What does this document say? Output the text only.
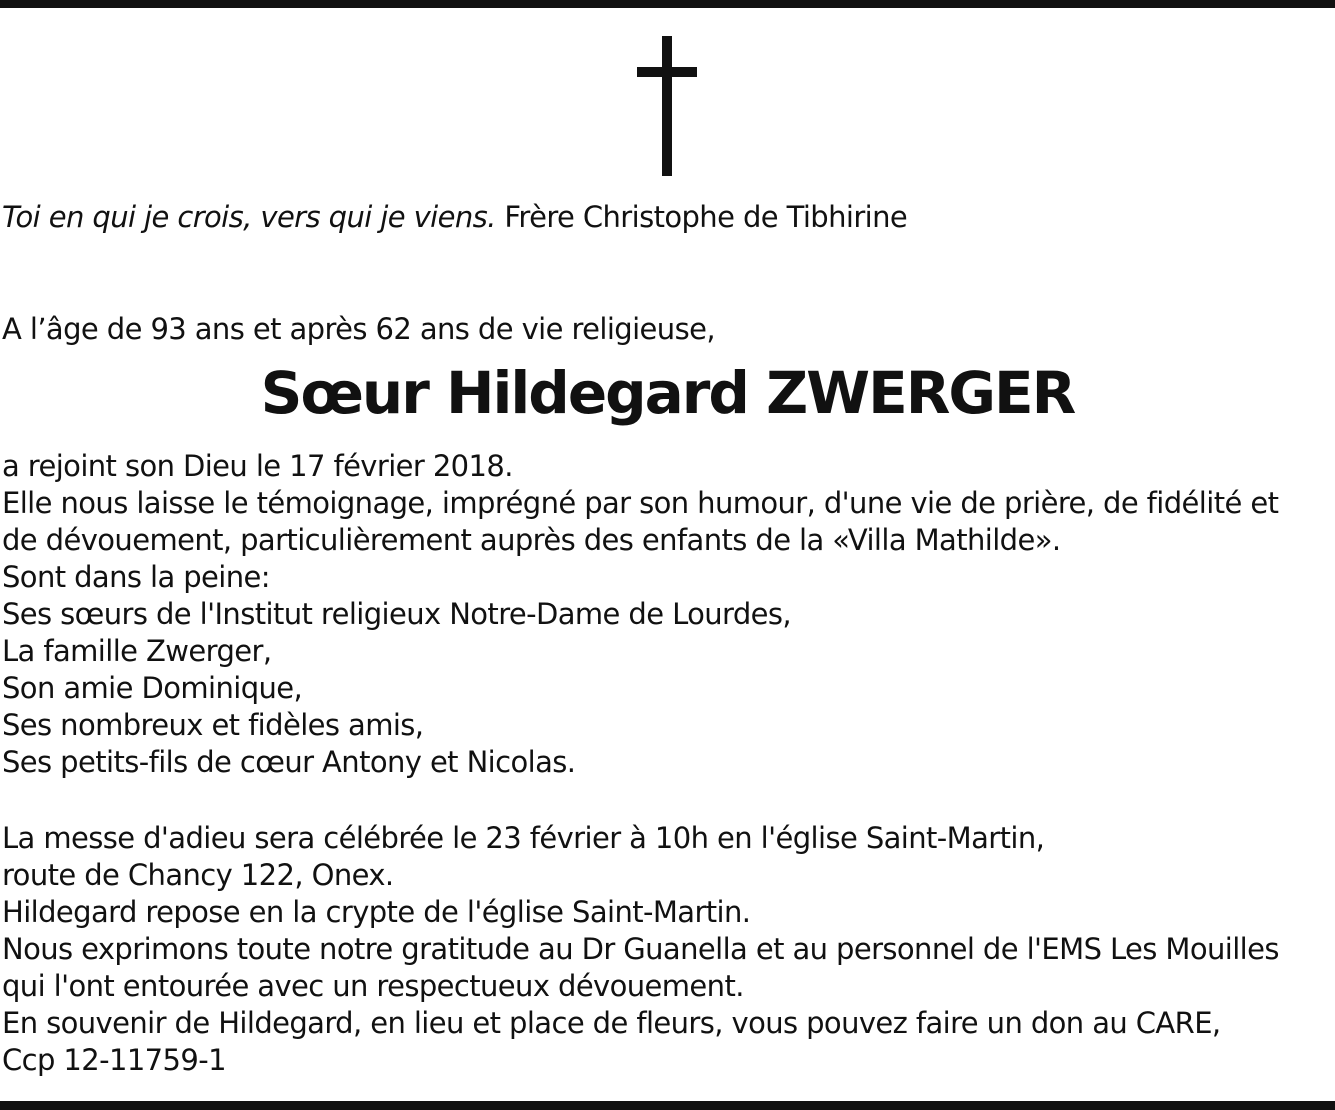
Toi en qui je crois, vers qui je viens. Frère Christophe de Tibhirine
A l’âge de 93 ans et après 62 ans de vie religieuse,
Sœur Hildegard ZWERGER
a rejoint son Dieu le 17 février 2018.
Elle nous laisse le témoignage, imprégné par son humour, d'une vie de prière, de fidélité et
de dévouement, particulièrement auprès des enfants de la «Villa Mathilde».
Sont dans la peine:
Ses sœurs de l'Institut religieux Notre-Dame de Lourdes,
La famille Zwerger,
Son amie Dominique,
Ses nombreux et fidèles amis,
Ses petits-fils de cœur Antony et Nicolas.
La messe d'adieu sera célébrée le 23 février à 10h en l'église Saint-Martin,
route de Chancy 122, Onex.
Hildegard repose en la crypte de l'église Saint-Martin.
Nous exprimons toute notre gratitude au Dr Guanella et au personnel de l'EMS Les Mouilles
qui l'ont entourée avec un respectueux dévouement.
En souvenir de Hildegard, en lieu et place de fleurs, vous pouvez faire un don au CARE,
Ccp 12-11759-1
